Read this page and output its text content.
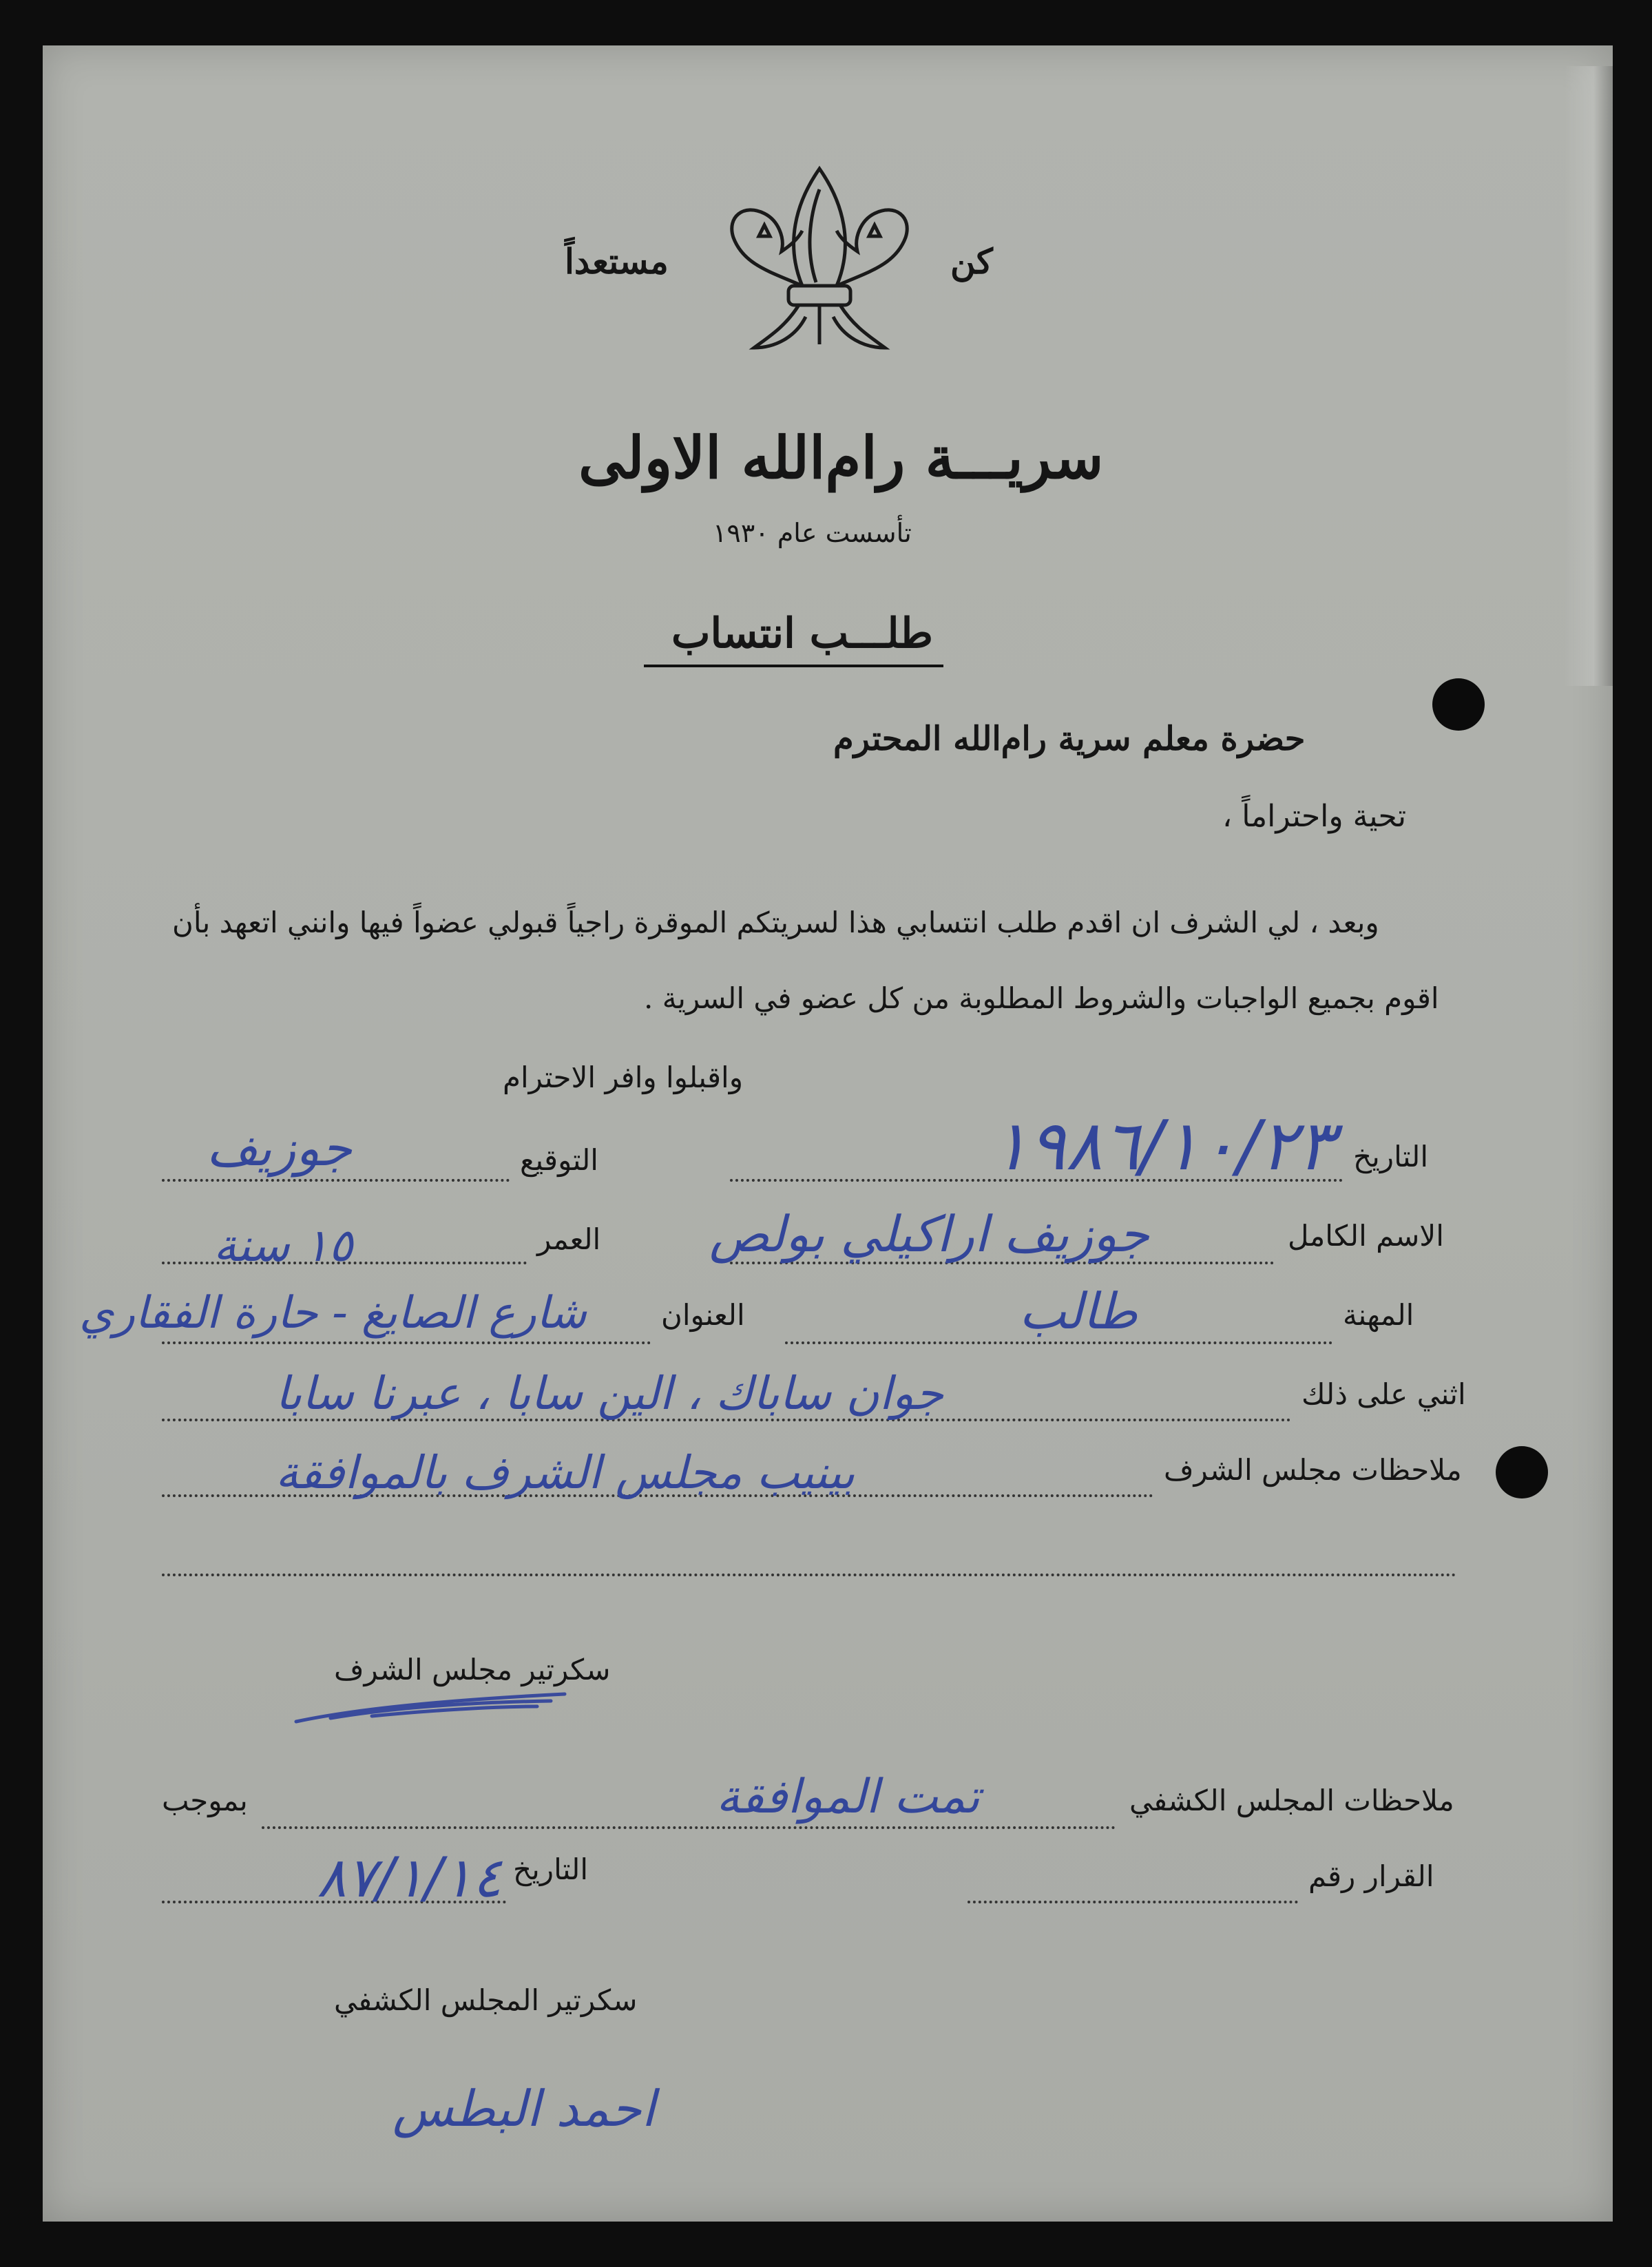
مستعداً	كن
سريـــة رام‌الله الاولى
تأسست عام ١٩٣٠
طلـــب انتساب
حضرة معلم سرية رام‌الله المحترم
تحية واحتراماً ،
وبعد ، لي الشرف ان اقدم طلب انتسابي هذا لسريتكم الموقرة راجياً قبولي عضواً فيها وانني اتعهد بأن
اقوم بجميع الواجبات والشروط المطلوبة من كل عضو في السرية .
واقبلوا وافر الاحترام
التاريخ
١٩٨٦/١٠/٢٣
التوقيع
جوزيف
الاسم الكامل
جوزيف اراكيلي بولص
العمر
١٥ سنة
المهنة
طالب
العنوان
شارع الصايغ - حارة الفقاري
اثني على ذلك
جوان ساباك ، الين سابا ، عبرنا سابا
ملاحظات مجلس الشرف
بينيب مجلس الشرف بالموافقة
سكرتير مجلس الشرف
ملاحظات المجلس الكشفي
تمت الموافقة
بموجب
القرار رقم
التاريخ
٨٧/١/١٤
سكرتير المجلس الكشفي
احمد البطس
